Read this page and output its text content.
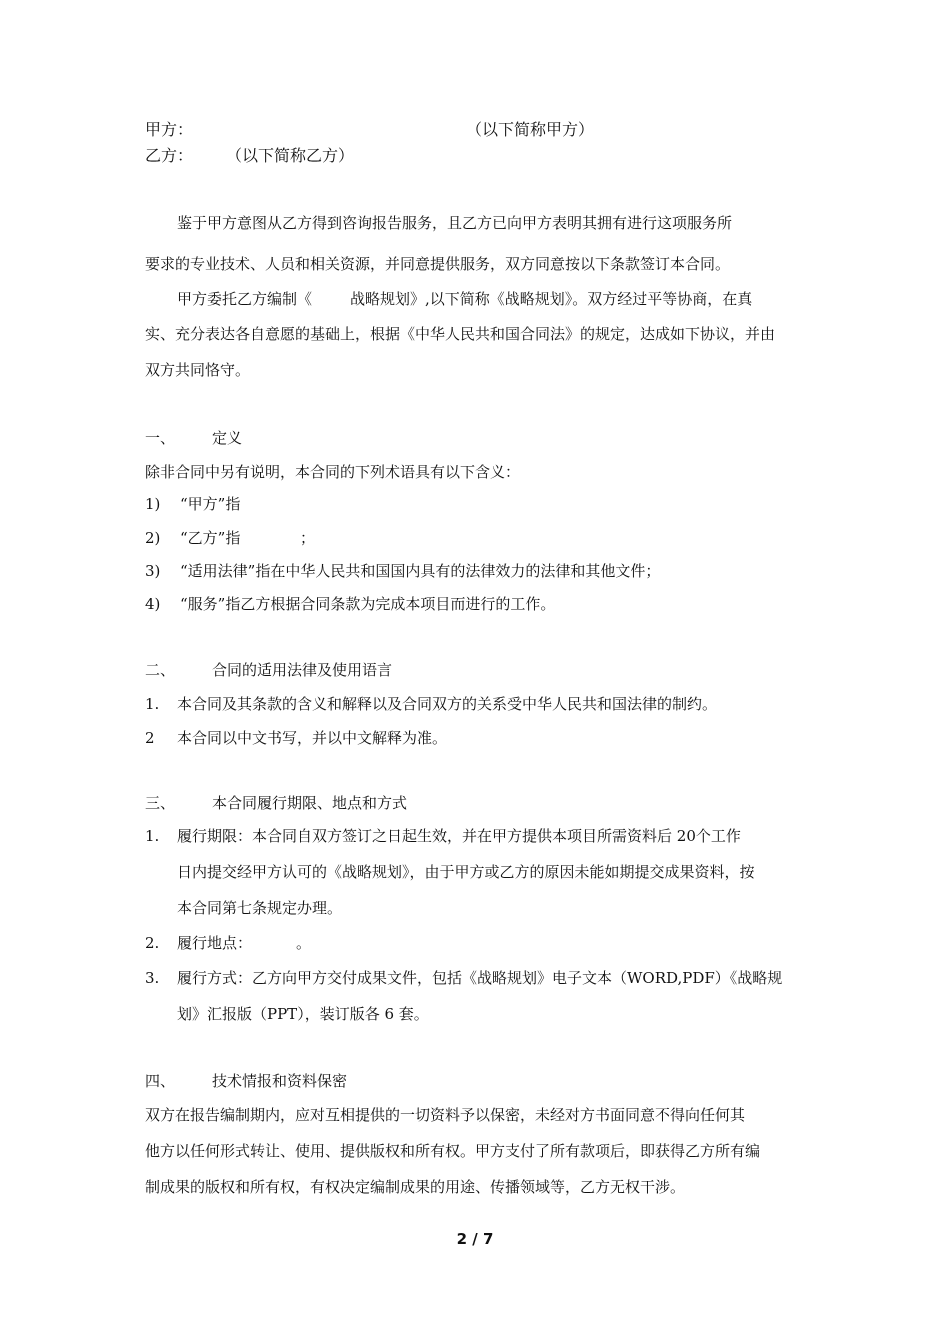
甲方：	（以下简称甲方）
乙方： （以下简称乙方）
鉴于甲方意图从乙方得到咨询报告服务，且乙方已向甲方表明其拥有进行这项服务所
要求的专业技术、人员和相关资源，并同意提供服务，双方同意按以下条款签订本合同。
甲方委托乙方编制《	战略规划》,以下简称《战略规划》。双方经过平等协商，在真
实、充分表达各自意愿的基础上，根据《中华人民共和国合同法》的规定，达成如下协议，并由
双方共同恪守。
一、 定义
除非合同中另有说明，本合同的下列术语具有以下含义：
1) “甲方”指
2) “乙方”指	；
3) “适用法律”指在中华人民共和国国内具有的法律效力的法律和其他文件；
4) “服务”指乙方根据合同条款为完成本项目而进行的工作。
二、 合同的适用法律及使用语言
1. 本合同及其条款的含义和解释以及合同双方的关系受中华人民共和国法律的制约。
2 本合同以中文书写，并以中文解释为准。
三、 本合同履行期限、地点和方式
1. 履行期限：本合同自双方签订之日起生效，并在甲方提供本项目所需资料后 20个工作
日内提交经甲方认可的《战略规划》，由于甲方或乙方的原因未能如期提交成果资料，按
本合同第七条规定办理。
2. 履行地点：	。
3. 履行方式：乙方向甲方交付成果文件，包括《战略规划》电子文本（WORD,PDF）《战略规
划》汇报版（PPT），装订版各 6 套。
四、 技术情报和资料保密
双方在报告编制期内，应对互相提供的一切资料予以保密，未经对方书面同意不得向任何其
他方以任何形式转让、使用、提供版权和所有权。甲方支付了所有款项后，即获得乙方所有编
制成果的版权和所有权，有权决定编制成果的用途、传播领域等，乙方无权干涉。
2 / 7
